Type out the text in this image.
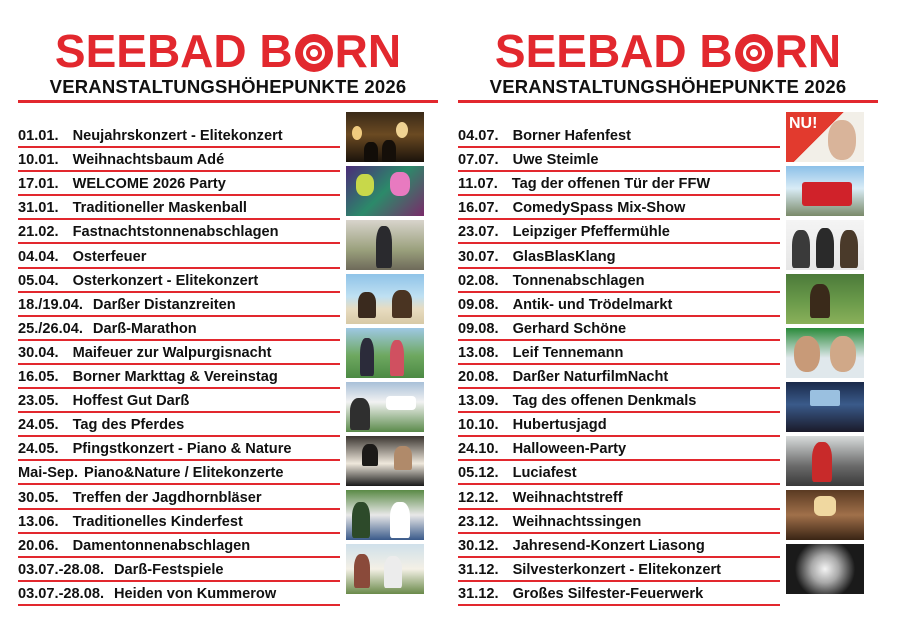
SEEBAD B RN
VERANSTALTUNGSHÖHEPUNKTE 2026
01.01. Neujahrskonzert - Elitekonzert
10.01. Weihnachtsbaum Adé
17.01. WELCOME 2026 Party
31.01. Traditioneller Maskenball
21.02. Fastnachtstonnenabschlagen
04.04. Osterfeuer
05.04. Osterkonzert - Elitekonzert
18./19.04. Darßer Distanzreiten
25./26.04. Darß-Marathon
30.04. Maifeuer zur Walpurgisnacht
16.05. Borner Markttag & Vereinstag
23.05. Hoffest Gut Darß
24.05. Tag des Pferdes
24.05. Pfingstkonzert - Piano & Nature
Mai-Sep. Piano&Nature / Elitekonzerte
30.05. Treffen der Jagdhornbläser
13.06. Traditionelles Kinderfest
20.06. Damentonnenabschlagen
03.07.-28.08. Darß-Festspiele
03.07.-28.08. Heiden von Kummerow
SEEBAD B RN
VERANSTALTUNGSHÖHEPUNKTE 2026
04.07. Borner Hafenfest
07.07. Uwe Steimle
11.07. Tag der offenen Tür der FFW
16.07. ComedySpass Mix-Show
23.07. Leipziger Pfeffermühle
30.07. GlasBlasKlang
02.08. Tonnenabschlagen
09.08. Antik- und Trödelmarkt
09.08. Gerhard Schöne
13.08. Leif Tennemann
20.08. Darßer NaturfilmNacht
13.09. Tag des offenen Denkmals
10.10. Hubertusjagd
24.10. Halloween-Party
05.12. Luciafest
12.12. Weihnachtstreff
23.12. Weihnachtssingen
30.12. Jahresend-Konzert Liasong
31.12. Silvesterkonzert - Elitekonzert
31.12. Großes Silfester-Feuerwerk
NU!
